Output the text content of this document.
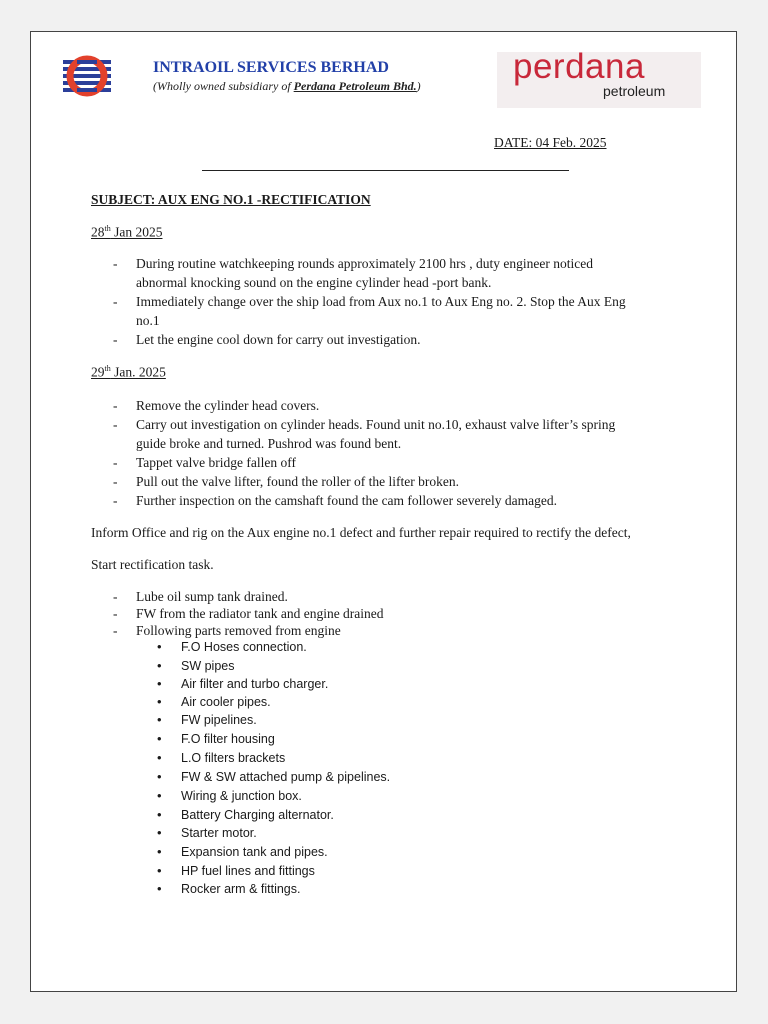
INTRAOIL SERVICES BERHAD
(Wholly owned subsidiary of Perdana Petroleum Bhd.)	perdana
petroleum
DATE: 04 Feb. 2025
SUBJECT: AUX ENG NO.1 -RECTIFICATION
28th Jan 2025
- During routine watchkeeping rounds approximately 2100 hrs , duty engineer noticed
abnormal knocking sound on the engine cylinder head -port bank.
- Immediately change over the ship load from Aux no.1 to Aux Eng no. 2. Stop the Aux Eng
no.1
- Let the engine cool down for carry out investigation.
29th Jan. 2025
- Remove the cylinder head covers.
- Carry out investigation on cylinder heads. Found unit no.10, exhaust valve lifter’s spring
guide broke and turned. Pushrod was found bent.
- Tappet valve bridge fallen off
- Pull out the valve lifter, found the roller of the lifter broken.
- Further inspection on the camshaft found the cam follower severely damaged.
Inform Office and rig on the Aux engine no.1 defect and further repair required to rectify the defect,
Start rectification task.
- Lube oil sump tank drained.
- FW from the radiator tank and engine drained
- Following parts removed from engine
• F.O Hoses connection.
• SW pipes
• Air filter and turbo charger.
• Air cooler pipes.
• FW pipelines.
• F.O filter housing
• L.O filters brackets
• FW & SW attached pump & pipelines.
• Wiring & junction box.
• Battery Charging alternator.
• Starter motor.
• Expansion tank and pipes.
• HP fuel lines and fittings
• Rocker arm & fittings.
